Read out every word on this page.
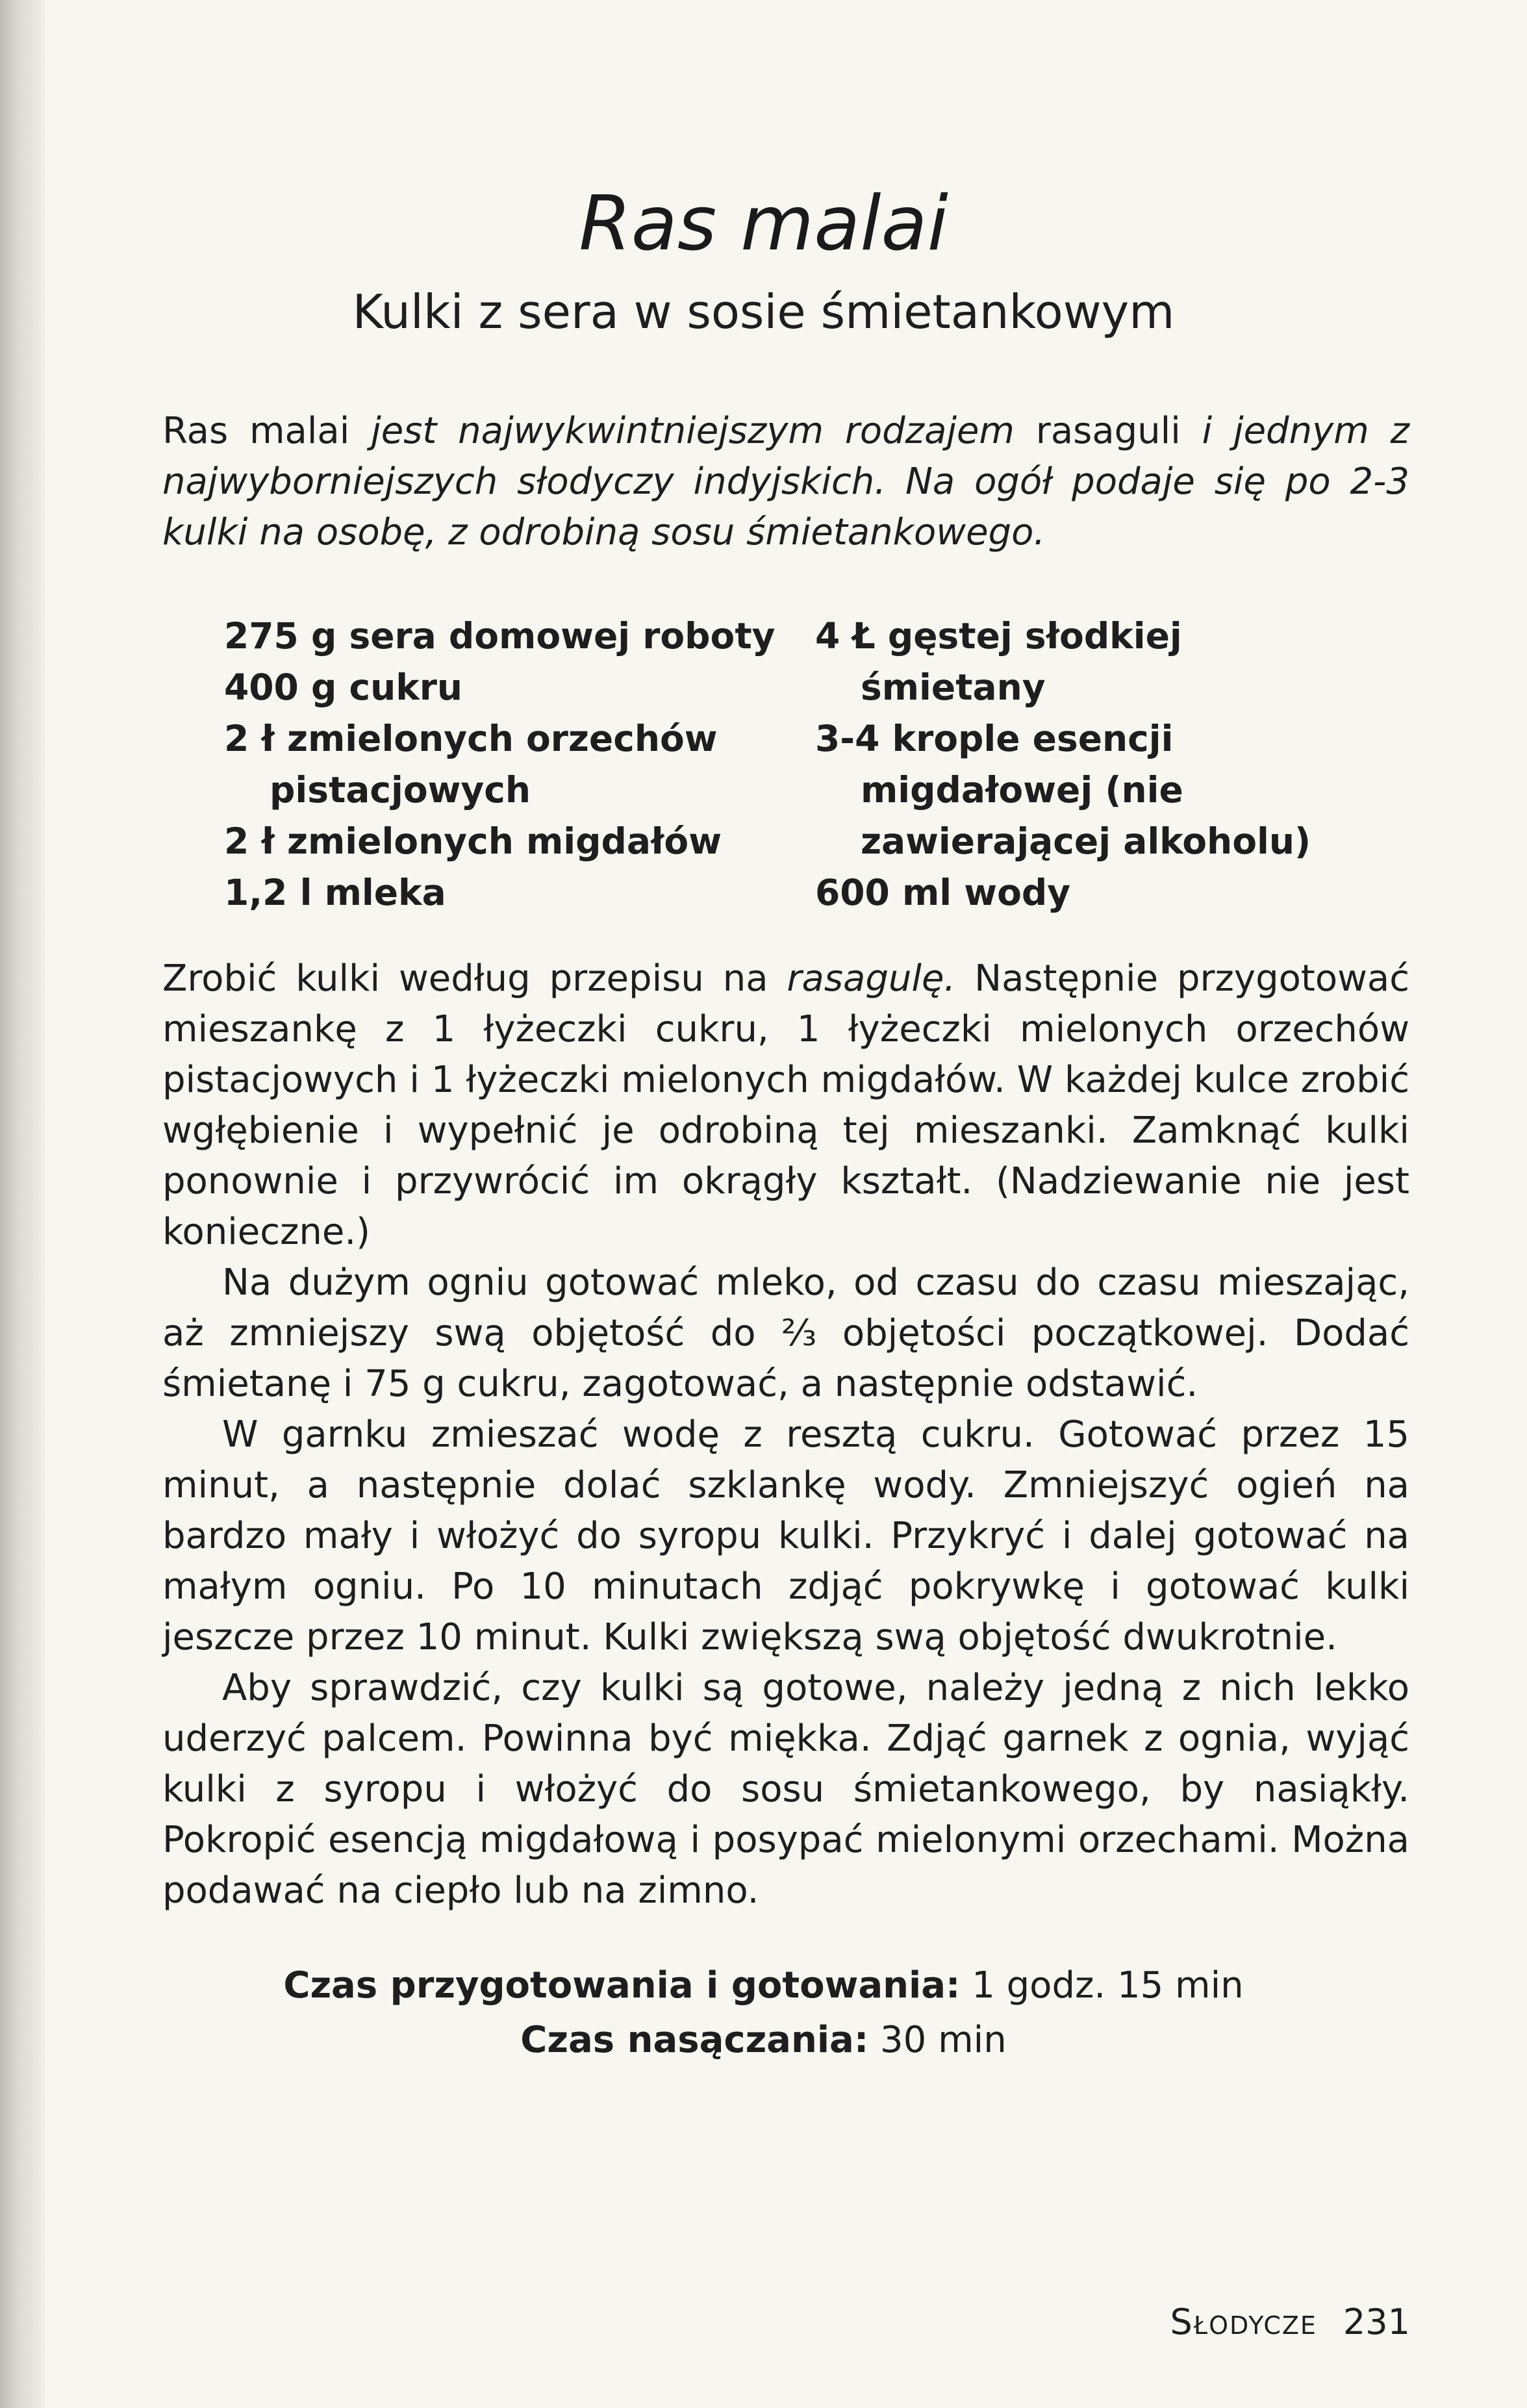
Ras malai
Kulki z sera w sosie śmietankowym
Ras malai jest najwykwintniejszym rodzajem rasaguli i jednym z najwyborniejszych słodyczy indyjskich. Na ogół podaje się po 2-3 kulki na osobę, z odrobiną sosu śmietankowego.
275 g sera domowej roboty
400 g cukru
2 ł zmielonych orzechów pistacjowych
2 ł zmielonych migdałów
1,2 l mleka
4 Ł gęstej słodkiej śmietany
3-4 krople esencji migdałowej (nie zawierającej alkoholu)
600 ml wody

Zrobić kulki według przepisu na rasagulę. Następnie przygotować mieszankę z 1 łyżeczki cukru, 1 łyżeczki mielonych orzechów pistacjowych i 1 łyżeczki mielonych migdałów. W każdej kulce zrobić wgłębienie i wypełnić je odrobiną tej mieszanki. Zamknąć kulki ponownie i przywrócić im okrągły kształt. (Nadziewanie nie jest konieczne.)

Na dużym ogniu gotować mleko, od czasu do czasu mieszając, aż zmniejszy swą objętość do ⅔ objętości początkowej. Dodać śmietanę i 75 g cukru, zagotować, a następnie odstawić.

W garnku zmieszać wodę z resztą cukru. Gotować przez 15 minut, a następnie dolać szklankę wody. Zmniejszyć ogień na bardzo mały i włożyć do syropu kulki. Przykryć i dalej gotować na małym ogniu. Po 10 minutach zdjąć pokrywkę i gotować kulki jeszcze przez 10 minut. Kulki zwiększą swą objętość dwukrotnie.

Aby sprawdzić, czy kulki są gotowe, należy jedną z nich lekko uderzyć palcem. Powinna być miękka. Zdjąć garnek z ognia, wyjąć kulki z syropu i włożyć do sosu śmietankowego, by nasiąkły. Pokropić esencją migdałową i posypać mielonymi orzechami. Można podawać na ciepło lub na zimno.

Czas przygotowania i gotowania: 1 godz. 15 min
Czas nasączania: 30 min
Słodycze 231
